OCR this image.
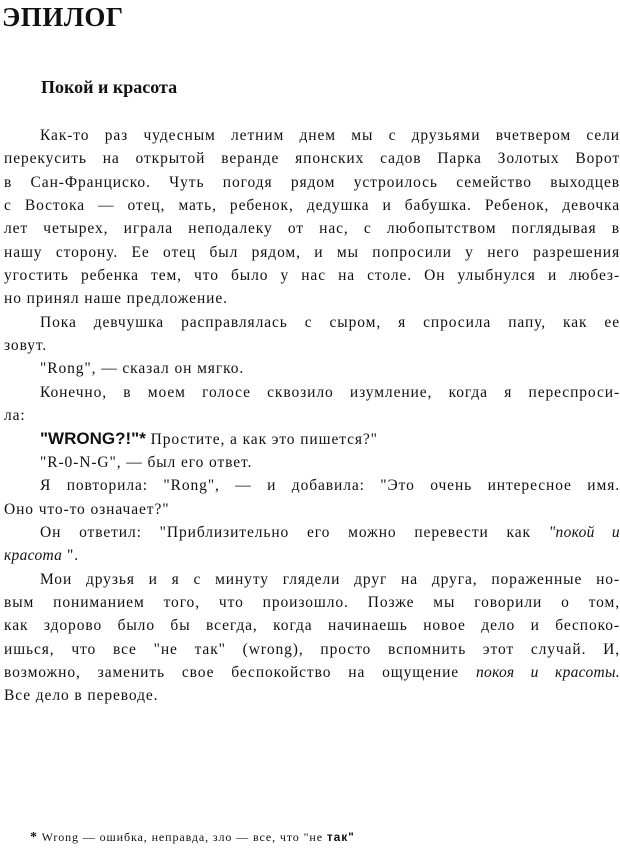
ЭПИЛОГ
Покой и красота
Как-то раз чудесным летним днем мы с друзьями вчетвером сели
перекусить на открытой веранде японских садов Парка Золотых Ворот
в Сан-Франциско. Чуть погодя рядом устроилось семейство выходцев
с Востока — отец, мать, ребенок, дедушка и бабушка. Ребенок, девочка
лет четырех, играла неподалеку от нас, с любопытством поглядывая в
нашу сторону. Ее отец был рядом, и мы попросили у него разрешения
угостить ребенка тем, что было у нас на столе. Он улыбнулся и любез-
но принял наше предложение.
Пока девчушка расправлялась с сыром, я спросила папу, как ее
зовут.
"Rong", — сказал он мягко.
Конечно, в моем голосе сквозило изумление, когда я переспроси-
ла:
"WRONG?!"* Простите, а как это пишется?"
"R-0-N-G", — был его ответ.
Я повторила: "Rong", — и добавила: "Это очень интересное имя.
Оно что-то означает?"
Он ответил: "Приблизительно его можно перевести как "покой и
красота ".
Мои друзья и я с минуту глядели друг на друга, пораженные но-
вым пониманием того, что произошло. Позже мы говорили о том,
как здорово было бы всегда, когда начинаешь новое дело и беспоко-
ишься, что все "не так" (wrong), просто вспомнить этот случай. И,
возможно, заменить свое беспокойство на ощущение покоя и красоты.
Все дело в переводе.

* Wrong — ошибка, неправда, зло — все, что "не так"
